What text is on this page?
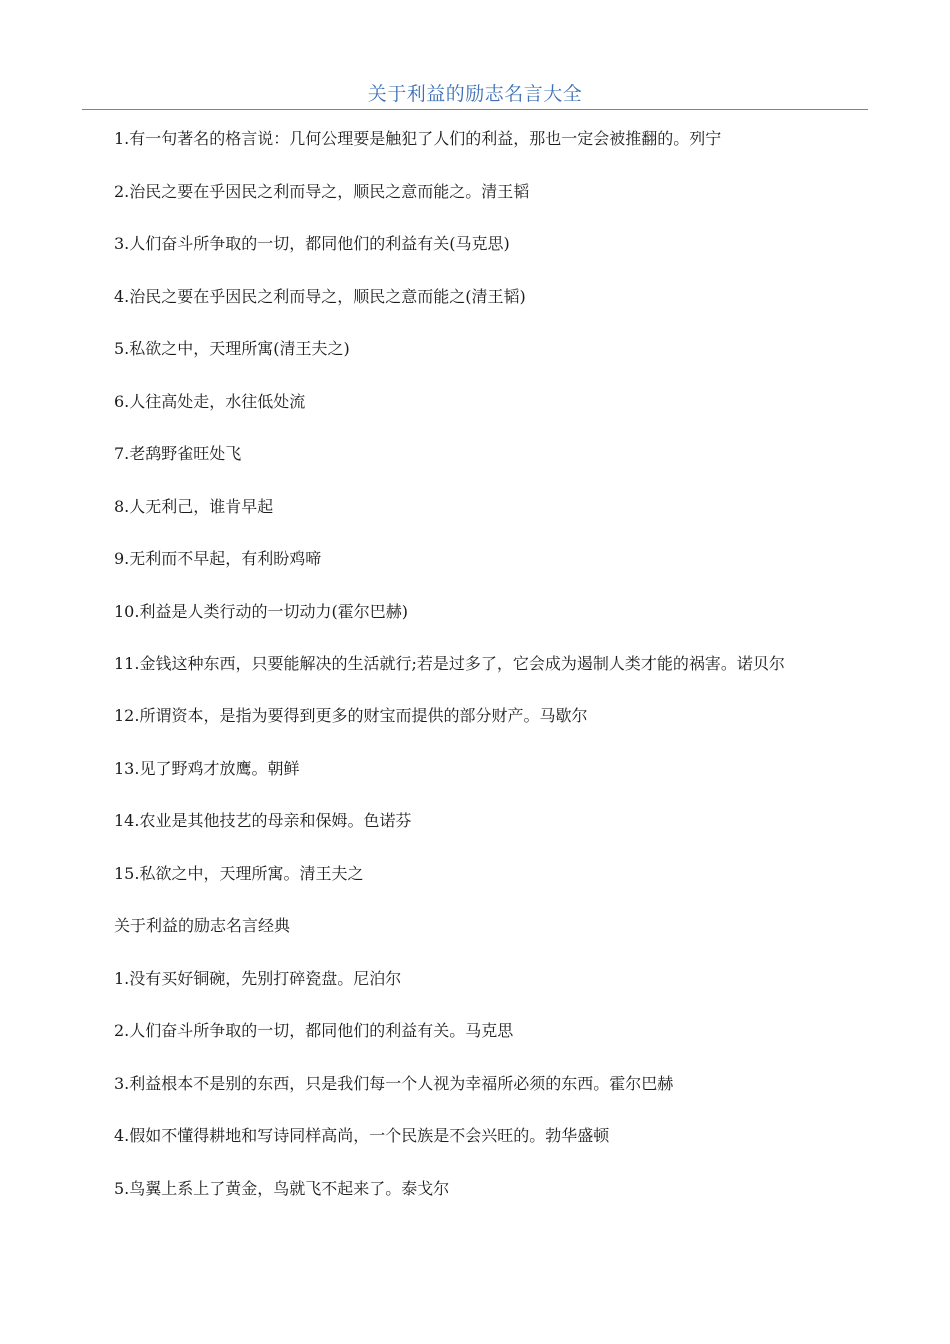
关于利益的励志名言大全

1.有一句著名的格言说：几何公理要是触犯了人们的利益，那也一定会被推翻的。列宁

2.治民之要在乎因民之利而导之，顺民之意而能之。清王韬

3.人们奋斗所争取的一切，都同他们的利益有关(马克思)

4.治民之要在乎因民之利而导之，顺民之意而能之(清王韬)

5.私欲之中，天理所寓(清王夫之)

6.人往高处走，水往低处流

7.老鸹野雀旺处飞

8.人无利己，谁肯早起

9.无利而不早起，有利盼鸡啼

10.利益是人类行动的一切动力(霍尔巴赫)

11.金钱这种东西，只要能解决的生活就行;若是过多了，它会成为遏制人类才能的祸害。诺贝尔

12.所谓资本，是指为要得到更多的财宝而提供的部分财产。马歇尔

13.见了野鸡才放鹰。朝鲜

14.农业是其他技艺的母亲和保姆。色诺芬

15.私欲之中，天理所寓。清王夫之

关于利益的励志名言经典

1.没有买好铜碗，先别打碎瓷盘。尼泊尔

2.人们奋斗所争取的一切，都同他们的利益有关。马克思

3.利益根本不是别的东西，只是我们每一个人视为幸福所必须的东西。霍尔巴赫

4.假如不懂得耕地和写诗同样高尚，一个民族是不会兴旺的。勃华盛顿

5.鸟翼上系上了黄金，鸟就飞不起来了。泰戈尔
